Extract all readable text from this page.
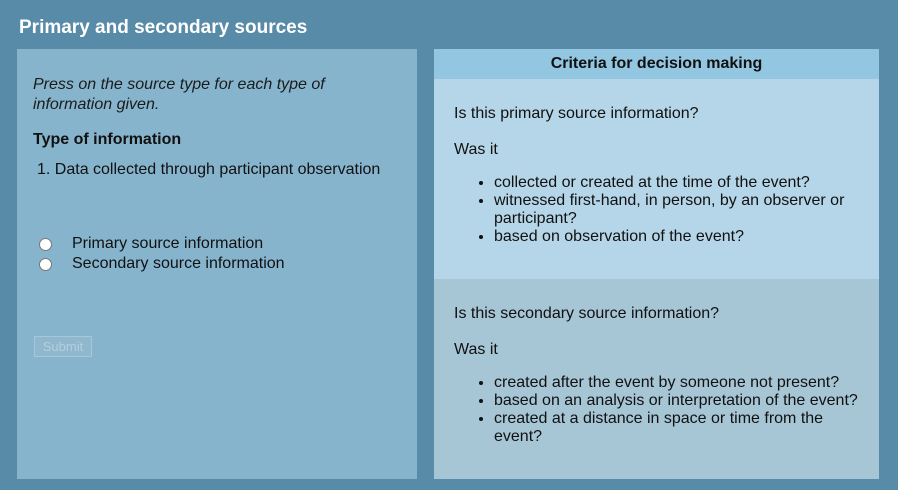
Primary and secondary sources
Press on the source type for each type of information given.
Type of information
1. Data collected through participant observation
Primary source information
Secondary source information
Submit
Criteria for decision making
Is this primary source information?
Was it
• collected or created at the time of the event?
• witnessed first-hand, in person, by an observer or participant?
• based on observation of the event?
Is this secondary source information?
Was it
• created after the event by someone not present?
• based on an analysis or interpretation of the event?
• created at a distance in space or time from the event?
